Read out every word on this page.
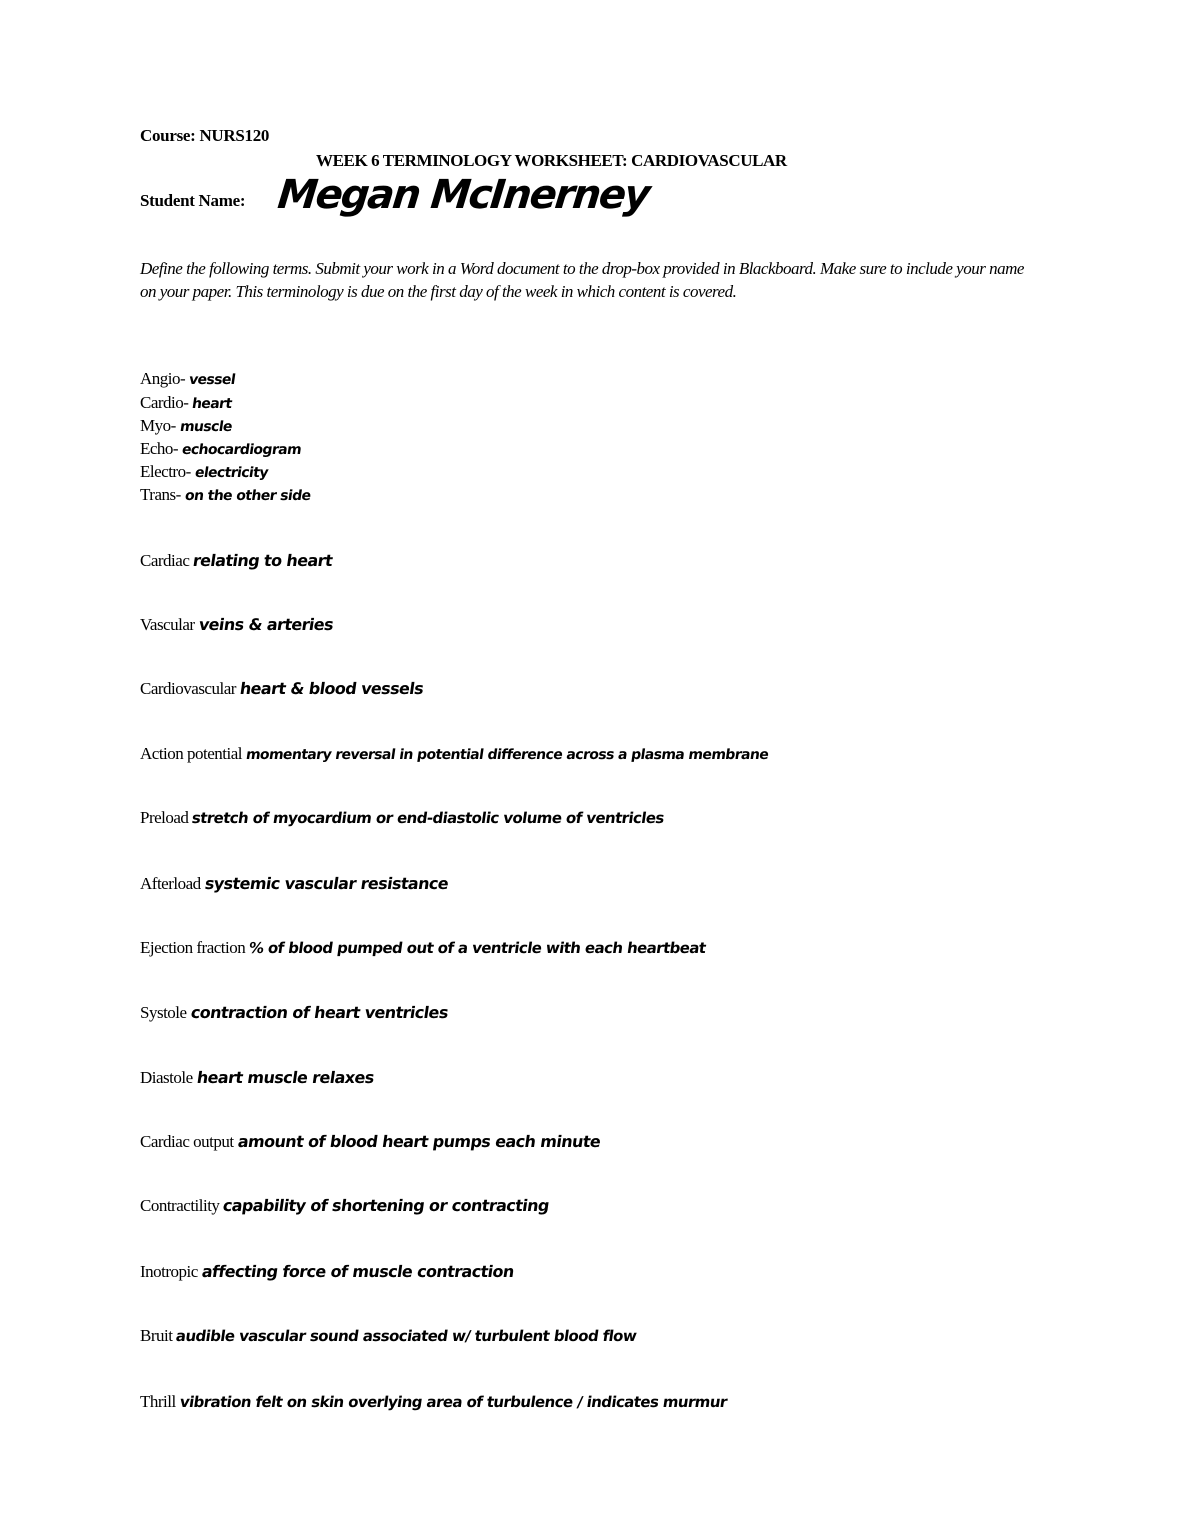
Course: NURS120
WEEK 6 TERMINOLOGY WORKSHEET: CARDIOVASCULAR
Student Name: Megan McInerney
Define the following terms. Submit your work in a Word document to the drop-box provided in Blackboard. Make sure to include your name on your paper. This terminology is due on the first day of the week in which content is covered.
Angio- vessel
Cardio- heart
Myo- muscle
Echo- echocardiogram
Electro- electricity
Trans- on the other side
Cardiac relating to heart
Vascular veins & arteries
Cardiovascular heart & blood vessels
Action potential momentary reversal in potential difference across a plasma membrane
Preload stretch of myocardium or end-diastolic volume of ventricles
Afterload systemic vascular resistance
Ejection fraction % of blood pumped out of a ventricle with each heartbeat
Systole contraction of heart ventricles
Diastole heart muscle relaxes
Cardiac output amount of blood heart pumps each minute
Contractility capability of shortening or contracting
Inotropic affecting force of muscle contraction
Bruit audible vascular sound associated w/ turbulent blood flow
Thrill vibration felt on skin overlying area of turbulence / indicates murmur
